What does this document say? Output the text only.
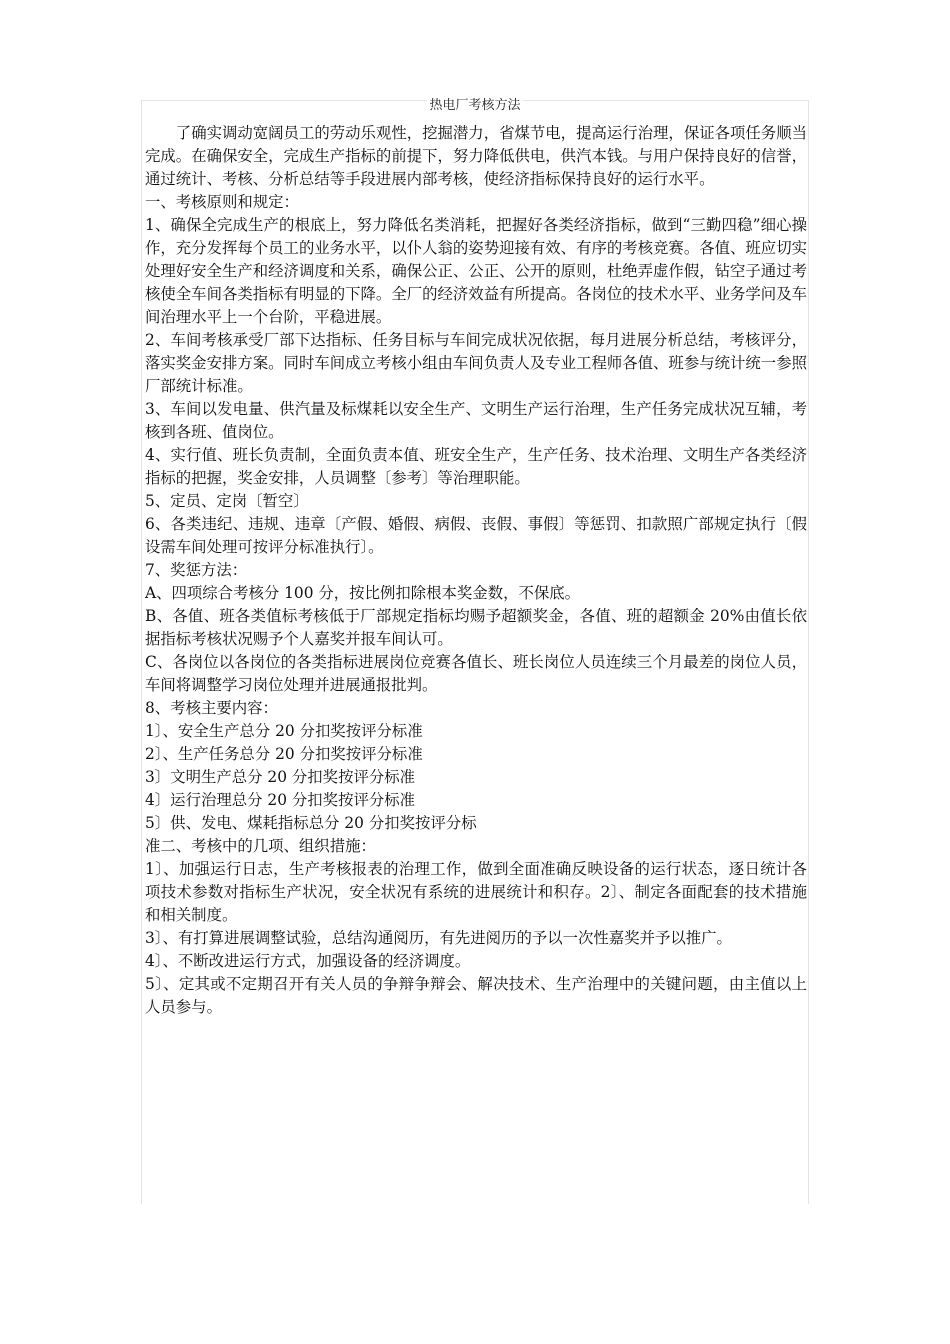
热电厂考核方法

了确实调动宽阔员工的劳动乐观性，挖掘潜力，省煤节电，提高运行治理，保证各项任务顺当完成。在确保安全，完成生产指标的前提下，努力降低供电，供汽本钱。与用户保持良好的信誉，通过统计、考核、分析总结等手段进展内部考核，使经济指标保持良好的运行水平。

一、考核原则和规定：

1、确保全完成生产的根底上，努力降低名类消耗，把握好各类经济指标，做到“三勤四稳”细心操作，充分发挥每个员工的业务水平，以仆人翁的姿势迎接有效、有序的考核竞赛。各值、班应切实处理好安全生产和经济调度和关系，确保公正、公正、公开的原则，杜绝弄虚作假，钻空子通过考核使全车间各类指标有明显的下降。全厂的经济效益有所提高。各岗位的技术水平、业务学问及车间治理水平上一个台阶，平稳进展。

2、车间考核承受厂部下达指标、任务目标与车间完成状况依据，每月进展分析总结，考核评分，落实奖金安排方案。同时车间成立考核小组由车间负责人及专业工程师各值、班参与统计统一参照厂部统计标准。

3、车间以发电量、供汽量及标煤耗以安全生产、文明生产运行治理，生产任务完成状况互辅，考核到各班、值岗位。

4、实行值、班长负责制，全面负责本值、班安全生产，生产任务、技术治理、文明生产各类经济指标的把握，奖金安排，人员调整〔参考〕等治理职能。

5、定员、定岗〔暂空〕

6、各类违纪、违规、违章〔产假、婚假、病假、丧假、事假〕等惩罚、扣款照广部规定执行〔假设需车间处理可按评分标准执行〕。

7、奖惩方法：

A、四项综合考核分 100 分，按比例扣除根本奖金数，不保底。

B、各值、班各类值标考核低于厂部规定指标均赐予超额奖金，各值、班的超额金 20%由值长依据指标考核状况赐予个人嘉奖并报车间认可。

C、各岗位以各岗位的各类指标进展岗位竞赛各值长、班长岗位人员连续三个月最差的岗位人员，车间将调整学习岗位处理并进展通报批判。

8、考核主要内容：

1〕、安全生产总分 20 分扣奖按评分标准

2〕、生产任务总分 20 分扣奖按评分标准

3〕文明生产总分 20 分扣奖按评分标准

4〕运行治理总分 20 分扣奖按评分标准

5〕供、发电、煤耗指标总分 20 分扣奖按评分标

准二、考核中的几项、组织措施：

1〕、加强运行日志，生产考核报表的治理工作，做到全面准确反映设备的运行状态，逐日统计各项技术参数对指标生产状况，安全状况有系统的进展统计和积存。2〕、制定各面配套的技术措施和相关制度。

3〕、有打算进展调整试验，总结沟通阅历，有先进阅历的予以一次性嘉奖并予以推广。

4〕、不断改进运行方式，加强设备的经济调度。

5〕、定其或不定期召开有关人员的争辩争辩会、解决技术、生产治理中的关键问题，由主值以上人员参与。
